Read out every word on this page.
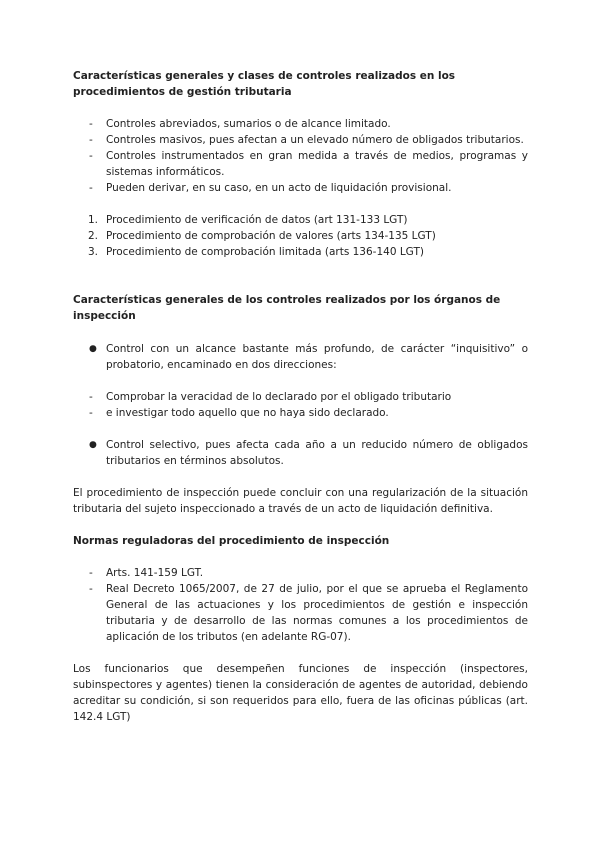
Características generales y clases de controles realizados en los procedimientos de gestión tributaria
- Controles abreviados, sumarios o de alcance limitado.
- Controles masivos, pues afectan a un elevado número de obligados tributarios.
- Controles instrumentados en gran medida a través de medios, programas y sistemas informáticos.
- Pueden derivar, en su caso, en un acto de liquidación provisional.
1. Procedimiento de verificación de datos (art 131-133 LGT)
2. Procedimiento de comprobación de valores (arts 134-135 LGT)
3. Procedimiento de comprobación limitada (arts 136-140 LGT)
Características generales de los controles realizados por los órganos de inspección
● Control con un alcance bastante más profundo, de carácter “inquisitivo” o probatorio, encaminado en dos direcciones:
- Comprobar la veracidad de lo declarado por el obligado tributario
- e investigar todo aquello que no haya sido declarado.
● Control selectivo, pues afecta cada año a un reducido número de obligados tributarios en términos absolutos.

El procedimiento de inspección puede concluir con una regularización de la situación tributaria del sujeto inspeccionado a través de un acto de liquidación definitiva.

Normas reguladoras del procedimiento de inspección
- Arts. 141-159 LGT.
- Real Decreto 1065/2007, de 27 de julio, por el que se aprueba el Reglamento General de las actuaciones y los procedimientos de gestión e inspección tributaria y de desarrollo de las normas comunes a los procedimientos de aplicación de los tributos (en adelante RG-07).

Los funcionarios que desempeñen funciones de inspección (inspectores, subinspectores y agentes) tienen la consideración de agentes de autoridad, debiendo acreditar su condición, si son requeridos para ello, fuera de las oficinas públicas (art. 142.4 LGT)
